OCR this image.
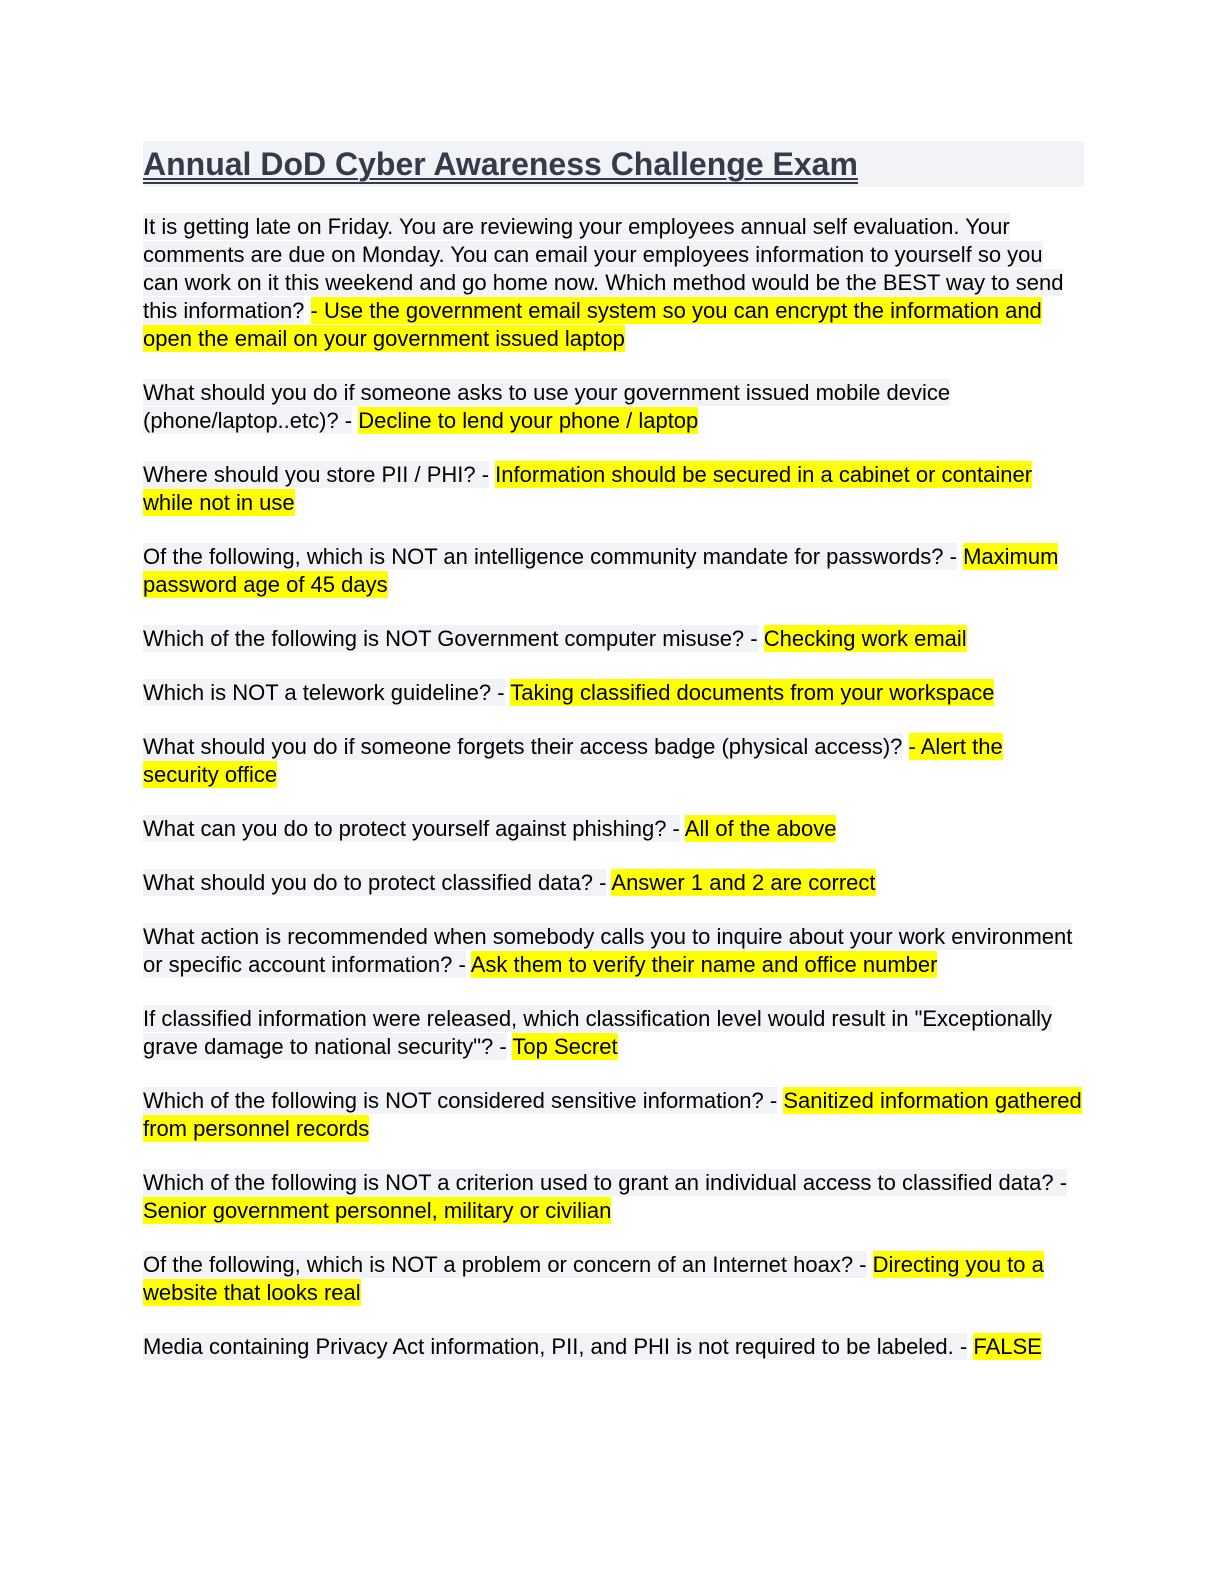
Annual DoD Cyber Awareness Challenge Exam

It is getting late on Friday. You are reviewing your employees annual self evaluation. Your comments are due on Monday. You can email your employees information to yourself so you can work on it this weekend and go home now. Which method would be the BEST way to send this information? - Use the government email system so you can encrypt the information and open the email on your government issued laptop

What should you do if someone asks to use your government issued mobile device (phone/laptop..etc)? - Decline to lend your phone / laptop

Where should you store PII / PHI? - Information should be secured in a cabinet or container while not in use

Of the following, which is NOT an intelligence community mandate for passwords? - Maximum password age of 45 days

Which of the following is NOT Government computer misuse? - Checking work email

Which is NOT a telework guideline? - Taking classified documents from your workspace

What should you do if someone forgets their access badge (physical access)? - Alert the security office

What can you do to protect yourself against phishing? - All of the above

What should you do to protect classified data? - Answer 1 and 2 are correct

What action is recommended when somebody calls you to inquire about your work environment or specific account information? - Ask them to verify their name and office number

If classified information were released, which classification level would result in "Exceptionally grave damage to national security"? - Top Secret

Which of the following is NOT considered sensitive information? - Sanitized information gathered from personnel records

Which of the following is NOT a criterion used to grant an individual access to classified data? - Senior government personnel, military or civilian

Of the following, which is NOT a problem or concern of an Internet hoax? - Directing you to a website that looks real

Media containing Privacy Act information, PII, and PHI is not required to be labeled. - FALSE
